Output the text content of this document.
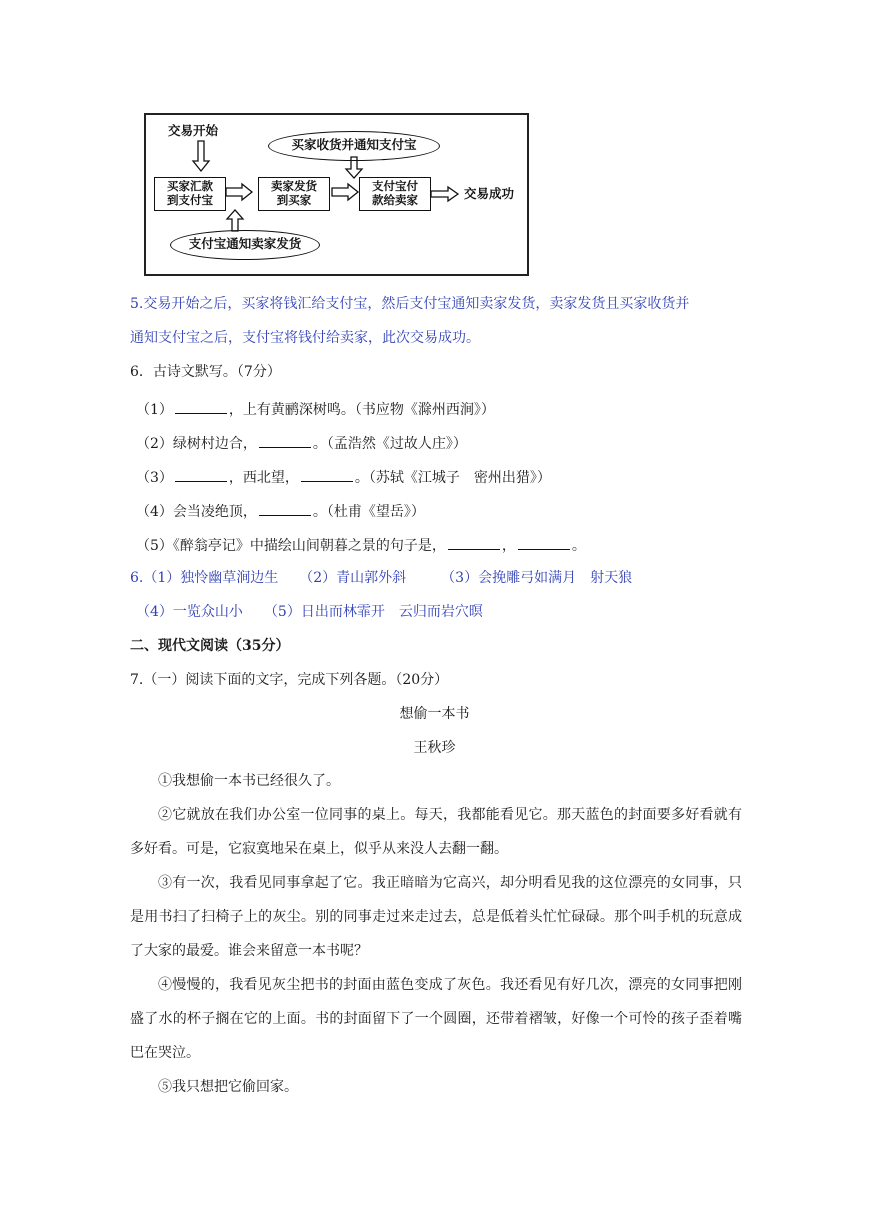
交易开始
买家汇款
到支付宝
卖家发货
到买家
支付宝付
款给卖家	交易成功
买家收货并通知支付宝
支付宝通知卖家发货
5.交易开始之后，买家将钱汇给支付宝，然后支付宝通知卖家发货，卖家发货且买家收货并
通知支付宝之后，支付宝将钱付给卖家，此次交易成功。
6．古诗文默写。（7分）
（1）	，上有黄鹂深树鸣。（书应物《滁州西涧》）
（2）绿树村边合，	。（孟浩然《过故人庄》）
（3）	，西北望，	。（苏轼《江城子　密州出猎》）
（4）会当凌绝顶，	。（杜甫《望岳》）
（5）《醉翁亭记》中描绘山间朝暮之景的句子是，	，	。
6.（1）独怜幽草涧边生　　（2）青山郭外斜　　　（3）会挽雕弓如满月　射天狼
（4）一览众山小　　（5）日出而林霏开　云归而岩穴暝
二、现代文阅读（35分）
7.（一）阅读下面的文字，完成下列各题。（20分）
想偷一本书
王秋珍
①我想偷一本书已经很久了。
②它就放在我们办公室一位同事的桌上。每天，我都能看见它。那天蓝色的封面要多好看就有多好看。可是，它寂寞地呆在桌上，似乎从来没人去翻一翻。
③有一次，我看见同事拿起了它。我正暗暗为它高兴，却分明看见我的这位漂亮的女同事，只是用书扫了扫椅子上的灰尘。别的同事走过来走过去，总是低着头忙忙碌碌。那个叫手机的玩意成了大家的最爱。谁会来留意一本书呢？
④慢慢的，我看见灰尘把书的封面由蓝色变成了灰色。我还看见有好几次，漂亮的女同事把刚盛了水的杯子搁在它的上面。书的封面留下了一个圆圈，还带着褶皱，好像一个可怜的孩子歪着嘴巴在哭泣。
⑤我只想把它偷回家。
